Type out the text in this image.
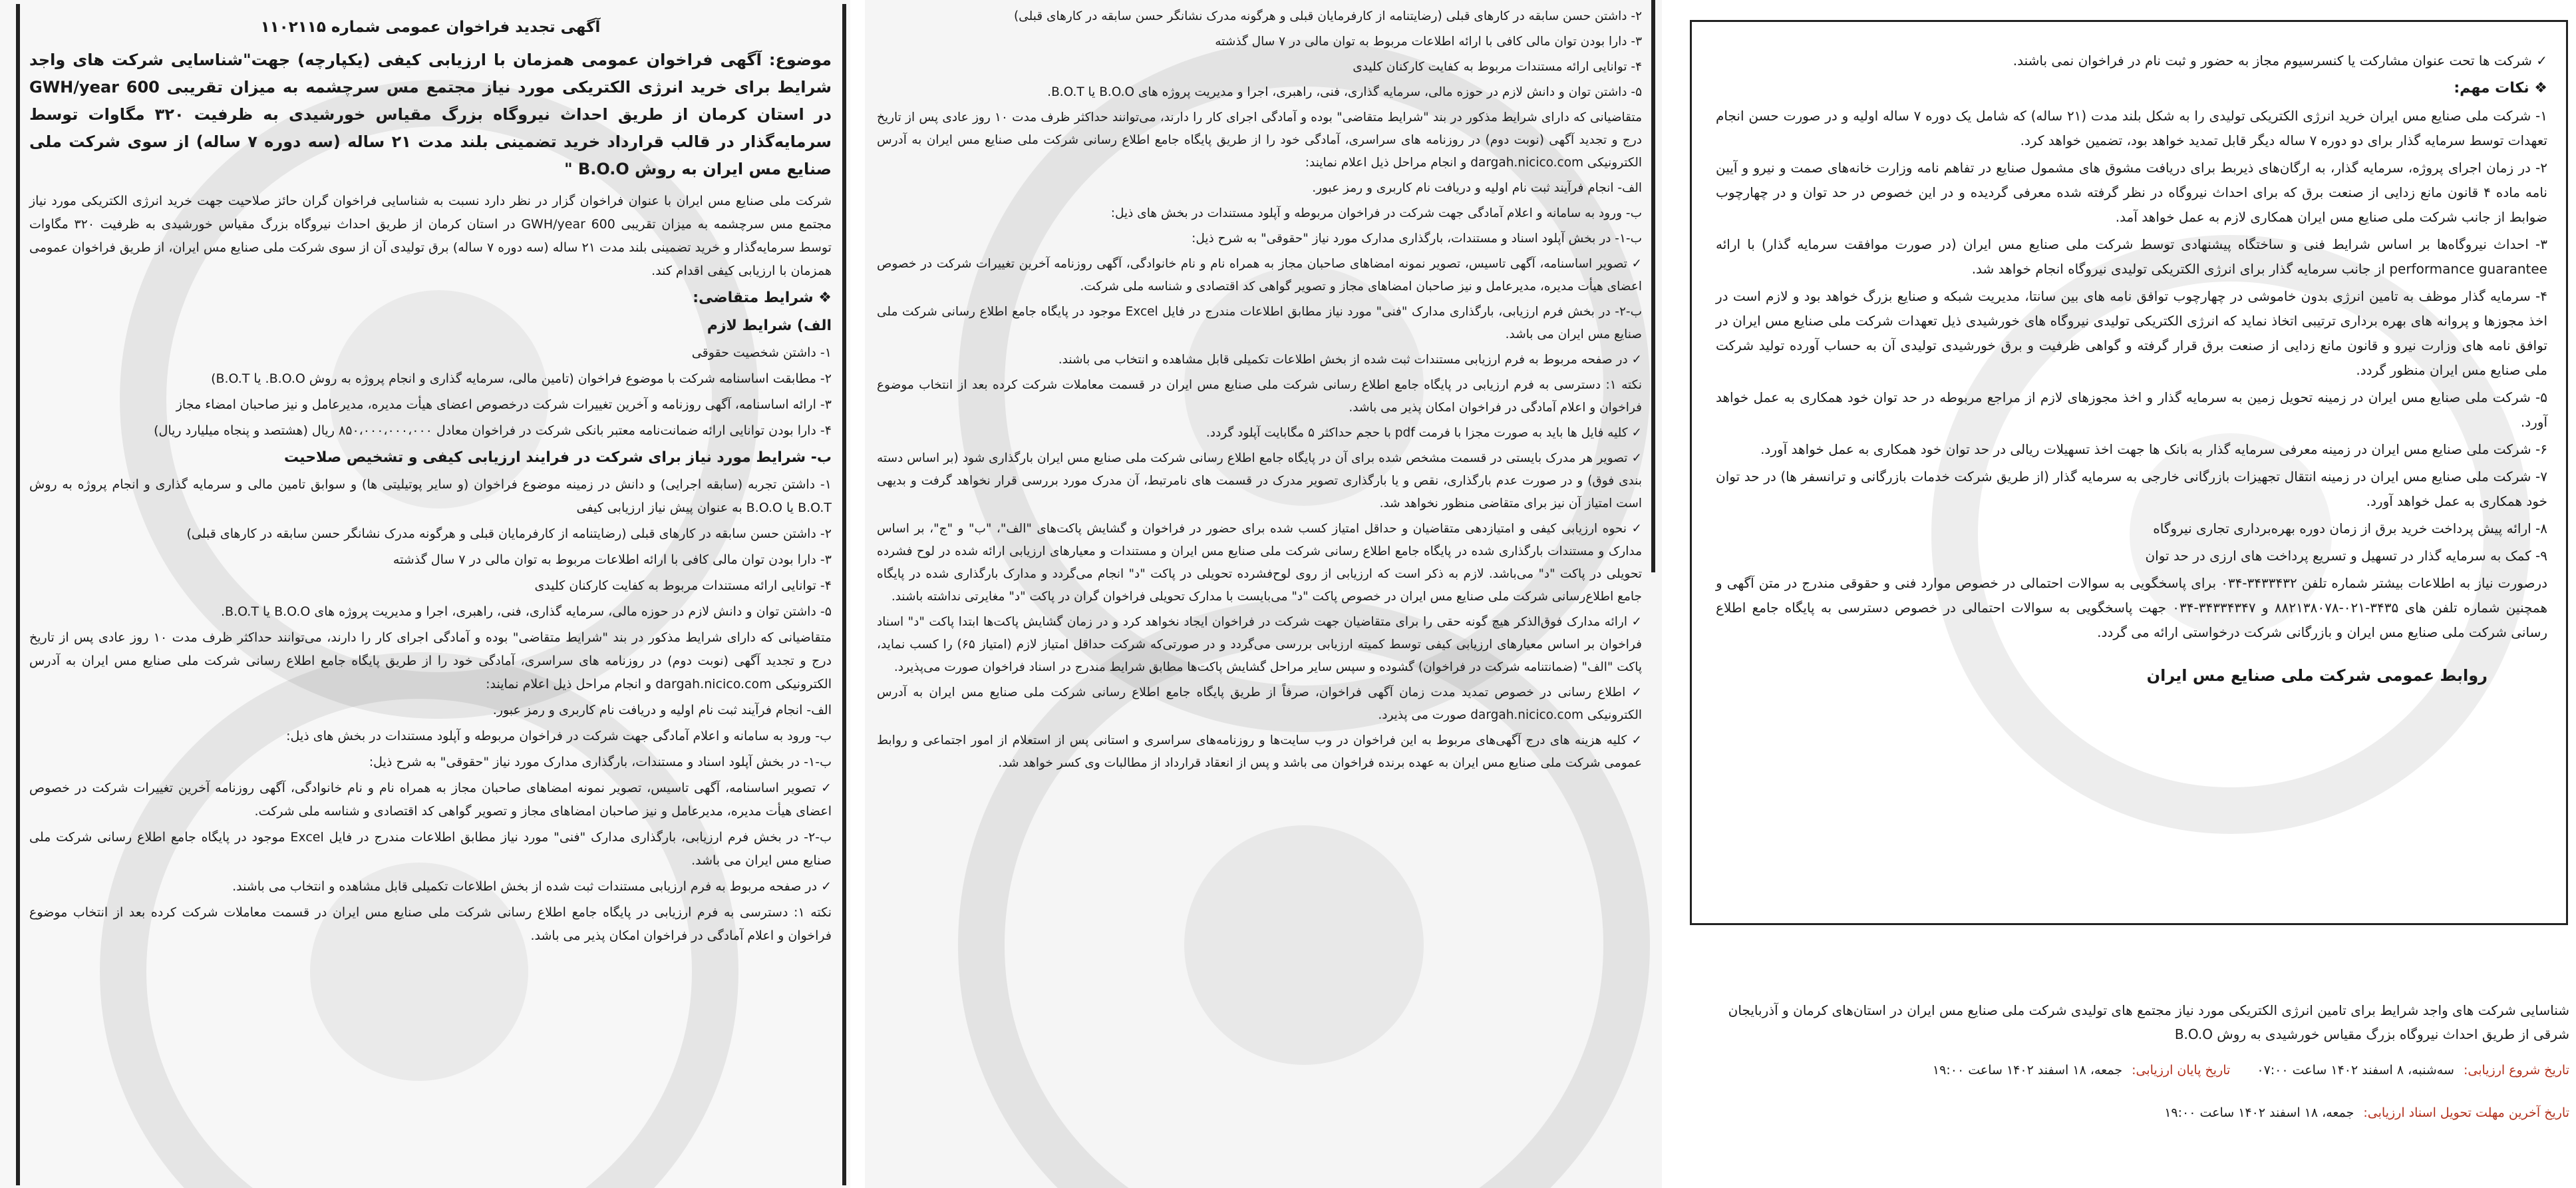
آگهی تجدید فراخوان عمومی شماره ۱۱۰۲۱۱۵

موضوع: آگهی فراخوان عمومی همزمان با ارزیابی کیفی (یکپارچه) جهت"شناسایی شرکت های واجد شرایط برای خرید انرژی الکتریکی مورد نیاز مجتمع مس سرچشمه به میزان تقریبی 600 GWH/year در استان کرمان از طریق احداث نیروگاه بزرگ مقیاس خورشیدی به ظرفیت ۳۲۰ مگاوات توسط سرمایه‌گذار در قالب قرارداد خرید تضمینی بلند مدت ۲۱ ساله (سه دوره ۷ ساله) از سوی شرکت ملی صنایع مس ایران به روش B.O.O "

شرکت ملی صنایع مس ایران با عنوان فراخوان گزار در نظر دارد نسبت به شناسایی فراخوان گران حائز صلاحیت جهت خرید انرژی الکتریکی مورد نیاز مجتمع مس سرچشمه به میزان تقریبی 600 GWH/year در استان کرمان از طریق احداث نیروگاه بزرگ مقیاس خورشیدی به ظرفیت ۳۲۰ مگاوات توسط سرمایه‌گذار و خرید تضمینی بلند مدت ۲۱ ساله (سه دوره ۷ ساله) برق تولیدی آن از سوی شرکت ملی صنایع مس ایران، از طریق فراخوان عمومی همزمان با ارزیابی کیفی اقدام کند.

❖ شرایط متقاضی:

الف) شرایط لازم

۱- داشتن شخصیت حقوقی

۲- مطابقت اساسنامه شرکت با موضوع فراخوان (تامین مالی، سرمایه گذاری و انجام پروژه به روش B.O.O. یا B.O.T)

۳- ارائه اساسنامه، آگهی روزنامه و آخرین تغییرات شرکت درخصوص اعضای هیأت مدیره، مدیرعامل و نیز صاحبان امضاء مجاز

۴- دارا بودن توانایی ارائه ضمانت‌نامه معتبر بانکی شرکت در فراخوان معادل ۸۵۰،۰۰۰،۰۰۰،۰۰۰ ریال (هشتصد و پنجاه میلیارد ریال)

ب- شرایط مورد نیاز برای شرکت در فرایند ارزیابی کیفی و تشخیص صلاحیت

۱- داشتن تجربه (سابقه اجرایی) و دانش در زمینه موضوع فراخوان (و سایر پوتیلیتی ها) و سوابق تامین مالی و سرمایه گذاری و انجام پروژه به روش B.O.T یا B.O.O به عنوان پیش نیاز ارزیابی کیفی

۲- داشتن حسن سابقه در کارهای قبلی (رضایتنامه از کارفرمایان قبلی و هرگونه مدرک نشانگر حسن سابقه در کارهای قبلی)

۳- دارا بودن توان مالی کافی با ارائه اطلاعات مربوط به توان مالی در ۷ سال گذشته

۴- توانایی ارائه مستندات مربوط به کفایت کارکنان کلیدی

۵- داشتن توان و دانش لازم در حوزه مالی، سرمایه گذاری، فنی، راهبری، اجرا و مدیریت پروژه های B.O.O یا B.O.T.

متقاضیانی که دارای شرایط مذکور در بند "شرایط متقاضی" بوده و آمادگی اجرای کار را دارند، می‌توانند حداکثر ظرف مدت ۱۰ روز عادی پس از تاریخ درج و تجدید آگهی (نوبت دوم) در روزنامه های سراسری، آمادگی خود را از طریق پایگاه جامع اطلاع رسانی شرکت ملی صنایع مس ایران به آدرس الکترونیکی dargah.nicico.com و انجام مراحل ذیل اعلام نمایند:

الف- انجام فرآیند ثبت نام اولیه و دریافت نام کاربری و رمز عبور.

ب- ورود به سامانه و اعلام آمادگی جهت شرکت در فراخوان مربوطه و آپلود مستندات در بخش های ذیل:

ب-۱- در بخش آپلود اسناد و مستندات، بارگذاری مدارک مورد نیاز "حقوقی" به شرح ذیل:

✓ تصویر اساسنامه، آگهی تاسیس، تصویر نمونه امضاهای صاحبان مجاز به همراه نام و نام خانوادگی، آگهی روزنامه آخرین تغییرات شرکت در خصوص اعضای هیأت مدیره، مدیرعامل و نیز صاحبان امضاهای مجاز و تصویر گواهی کد اقتصادی و شناسه ملی شرکت.

ب-۲- در بخش فرم ارزیابی، بارگذاری مدارک "فنی" مورد نیاز مطابق اطلاعات مندرج در فایل Excel موجود در پایگاه جامع اطلاع رسانی شرکت ملی صنایع مس ایران می باشد.

✓ در صفحه مربوط به فرم ارزیابی مستندات ثبت شده از بخش اطلاعات تکمیلی قابل مشاهده و انتخاب می باشند.

نکته ۱: دسترسی به فرم ارزیابی در پایگاه جامع اطلاع رسانی شرکت ملی صنایع مس ایران در قسمت معاملات شرکت کرده بعد از انتخاب موضوع فراخوان و اعلام آمادگی در فراخوان امکان پذیر می باشد.

۲- داشتن حسن سابقه در کارهای قبلی (رضایتنامه از کارفرمایان قبلی و هرگونه مدرک نشانگر حسن سابقه در کارهای قبلی)

۳- دارا بودن توان مالی کافی با ارائه اطلاعات مربوط به توان مالی در ۷ سال گذشته

۴- توانایی ارائه مستندات مربوط به کفایت کارکنان کلیدی

۵- داشتن توان و دانش لازم در حوزه مالی، سرمایه گذاری، فنی، راهبری، اجرا و مدیریت پروژه های B.O.O یا B.O.T.

متقاضیانی که دارای شرایط مذکور در بند "شرایط متقاضی" بوده و آمادگی اجرای کار را دارند، می‌توانند حداکثر ظرف مدت ۱۰ روز عادی پس از تاریخ درج و تجدید آگهی (نوبت دوم) در روزنامه های سراسری، آمادگی خود را از طریق پایگاه جامع اطلاع رسانی شرکت ملی صنایع مس ایران به آدرس الکترونیکی dargah.nicico.com و انجام مراحل ذیل اعلام نمایند:

الف- انجام فرآیند ثبت نام اولیه و دریافت نام کاربری و رمز عبور.

ب- ورود به سامانه و اعلام آمادگی جهت شرکت در فراخوان مربوطه و آپلود مستندات در بخش های ذیل:

ب-۱- در بخش آپلود اسناد و مستندات، بارگذاری مدارک مورد نیاز "حقوقی" به شرح ذیل:

✓ تصویر اساسنامه، آگهی تاسیس، تصویر نمونه امضاهای صاحبان مجاز به همراه نام و نام خانوادگی، آگهی روزنامه آخرین تغییرات شرکت در خصوص اعضای هیأت مدیره، مدیرعامل و نیز صاحبان امضاهای مجاز و تصویر گواهی کد اقتصادی و شناسه ملی شرکت.

ب-۲- در بخش فرم ارزیابی، بارگذاری مدارک "فنی" مورد نیاز مطابق اطلاعات مندرج در فایل Excel موجود در پایگاه جامع اطلاع رسانی شرکت ملی صنایع مس ایران می باشد.

✓ در صفحه مربوط به فرم ارزیابی مستندات ثبت شده از بخش اطلاعات تکمیلی قابل مشاهده و انتخاب می باشند.

نکته ۱: دسترسی به فرم ارزیابی در پایگاه جامع اطلاع رسانی شرکت ملی صنایع مس ایران در قسمت معاملات شرکت کرده بعد از انتخاب موضوع فراخوان و اعلام آمادگی در فراخوان امکان پذیر می باشد.

✓ کلیه فایل ها باید به صورت مجزا با فرمت pdf با حجم حداکثر ۵ مگابایت آپلود گردد.

✓ تصویر هر مدرک بایستی در قسمت مشخص شده برای آن در پایگاه جامع اطلاع رسانی شرکت ملی صنایع مس ایران بارگذاری شود (بر اساس دسته بندی فوق) و در صورت عدم بارگذاری، نقص و یا بارگذاری تصویر مدرک در قسمت های نامرتبط، آن مدرک مورد بررسی قرار نخواهد گرفت و بدیهی است امتیاز آن نیز برای متقاضی منظور نخواهد شد.

✓ نحوه ارزیابی کیفی و امتیازدهی متقاضیان و حداقل امتیاز کسب شده برای حضور در فراخوان و گشایش پاکت‌های "الف"، "ب" و "ج"، بر اساس مدارک و مستندات بارگذاری شده در پایگاه جامع اطلاع رسانی شرکت ملی صنایع مس ایران و مستندات و معیارهای ارزیابی ارائه شده در لوح فشرده تحویلی در پاکت "د" می‌باشد. لازم به ذکر است که ارزیابی از روی لوح‌فشرده تحویلی در پاکت "د" انجام می‌گردد و مدارک بارگذاری شده در پایگاه جامع اطلاع‌رسانی شرکت ملی صنایع مس ایران در خصوص پاکت "د" می‌بایست با مدارک تحویلی فراخوان گران در پاکت "د" مغایرتی نداشته باشند.

✓ ارائه مدارک فوق‌الذکر هیچ گونه حقی را برای متقاضیان جهت شرکت در فراخوان ایجاد نخواهد کرد و در زمان گشایش پاکت‌ها ابتدا پاکت "د" اسناد فراخوان بر اساس معیارهای ارزیابی کیفی توسط کمیته ارزیابی بررسی می‌گردد و در صورتی‌که شرکت حداقل امتیاز لازم (امتیاز ۶۵) را کسب نماید، پاکت "الف" (ضمانتنامه شرکت در فراخوان) گشوده و سپس سایر مراحل گشایش پاکت‌ها مطابق شرایط مندرج در اسناد فراخوان صورت می‌پذیرد.

✓ اطلاع رسانی در خصوص تمدید مدت زمان آگهی فراخوان، صرفاً از طریق پایگاه جامع اطلاع رسانی شرکت ملی صنایع مس ایران به آدرس الکترونیکی dargah.nicico.com صورت می پذیرد.

✓ کلیه هزینه های درج آگهی‌های مربوط به این فراخوان در وب سایت‌ها و روزنامه‌های سراسری و استانی پس از استعلام از امور اجتماعی و روابط عمومی شرکت ملی صنایع مس ایران به عهده برنده فراخوان می باشد و پس از انعقاد قرارداد از مطالبات وی کسر خواهد شد.

✓ شرکت ها تحت عنوان مشارکت یا کنسرسیوم مجاز به حضور و ثبت نام در فراخوان نمی باشند.

❖ نکات مهم:

۱- شرکت ملی صنایع مس ایران خرید انرژی الکتریکی تولیدی را به شکل بلند مدت (۲۱ ساله) که شامل یک دوره ۷ ساله اولیه و در صورت حسن انجام تعهدات توسط سرمایه گذار برای دو دوره ۷ ساله دیگر قابل تمدید خواهد بود، تضمین خواهد کرد.

۲- در زمان اجرای پروژه، سرمایه گذار، به ارگان‌های ذیربط برای دریافت مشوق های مشمول صنایع در تفاهم نامه وزارت خانه‌های صمت و نیرو و آیین نامه ماده ۴ قانون مانع زدایی از صنعت برق که برای احداث نیروگاه در نظر گرفته شده معرفی گردیده و در این خصوص در حد توان و در چهارچوب ضوابط از جانب شرکت ملی صنایع مس ایران همکاری لازم به عمل خواهد آمد.

۳- احداث نیروگاه‌ها بر اساس شرایط فنی و ساختگاه پیشنهادی توسط شرکت ملی صنایع مس ایران (در صورت موافقت سرمایه گذار) با ارائه performance guarantee از جانب سرمایه گذار برای انرژی الکتریکی تولیدی نیروگاه انجام خواهد شد.

۴- سرمایه گذار موظف به تامین انرژی بدون خاموشی در چهارچوب توافق نامه های بین سانتا، مدیریت شبکه و صنایع بزرگ خواهد بود و لازم است در اخذ مجوزها و پروانه های بهره برداری ترتیبی اتخاذ نماید که انرژی الکتریکی تولیدی نیروگاه های خورشیدی ذیل تعهدات شرکت ملی صنایع مس ایران در توافق نامه های وزارت نیرو و قانون مانع زدایی از صنعت برق قرار گرفته و گواهی ظرفیت و برق خورشیدی تولیدی آن به حساب آورده تولید شرکت ملی صنایع مس ایران منظور گردد.

۵- شرکت ملی صنایع مس ایران در زمینه تحویل زمین به سرمایه گذار و اخذ مجوزهای لازم از مراجع مربوطه در حد توان خود همکاری به عمل خواهد آورد.

۶- شرکت ملی صنایع مس ایران در زمینه معرفی سرمایه گذار به بانک ها جهت اخذ تسهیلات ریالی در حد توان خود همکاری به عمل خواهد آورد.

۷- شرکت ملی صنایع مس ایران در زمینه انتقال تجهیزات بازرگانی خارجی به سرمایه گذار (از طریق شرکت خدمات بازرگانی و ترانسفر ها) در حد توان خود همکاری به عمل خواهد آورد.

۸- ارائه پیش پرداخت خرید برق از زمان دوره بهره‌برداری تجاری نیروگاه

۹- کمک به سرمایه گذار در تسهیل و تسریع پرداخت های ارزی در حد توان

درصورت نیاز به اطلاعات بیشتر شماره تلفن ۳۴۳۳۴۳۲-۰۳۴ برای پاسخگویی به سوالات احتمالی در خصوص موارد فنی و حقوقی مندرج در متن آگهی و همچنین شماره تلفن های ۳۴۳۵-۰۲۱-۸۸۲۱۳۸۰۷۸ و ۳۴۳۳۴۳۴۷-۰۳۴ جهت پاسخگویی به سوالات احتمالی در خصوص دسترسی به پایگاه جامع اطلاع رسانی شرکت ملی صنایع مس ایران و بازرگانی شرکت درخواستی ارائه می گردد.

روابط عمومی شرکت ملی صنایع مس ایران

شناسایی شرکت های واجد شرایط برای تامین انرژی الکتریکی مورد نیاز مجتمع های تولیدی شرکت ملی صنایع مس ایران در استان‌های کرمان و آذربایجان شرقی از طریق احداث نیروگاه بزرگ مقیاس خورشیدی به روش B.O.O
تاریخ شروع ارزیابی: سه‌شنبه، ۸ اسفند ۱۴۰۲ ساعت ۰۷:۰۰
تاریخ پایان ارزیابی: جمعه، ۱۸ اسفند ۱۴۰۲ ساعت ۱۹:۰۰
تاریخ آخرین مهلت تحویل اسناد ارزیابی: جمعه، ۱۸ اسفند ۱۴۰۲ ساعت ۱۹:۰۰
